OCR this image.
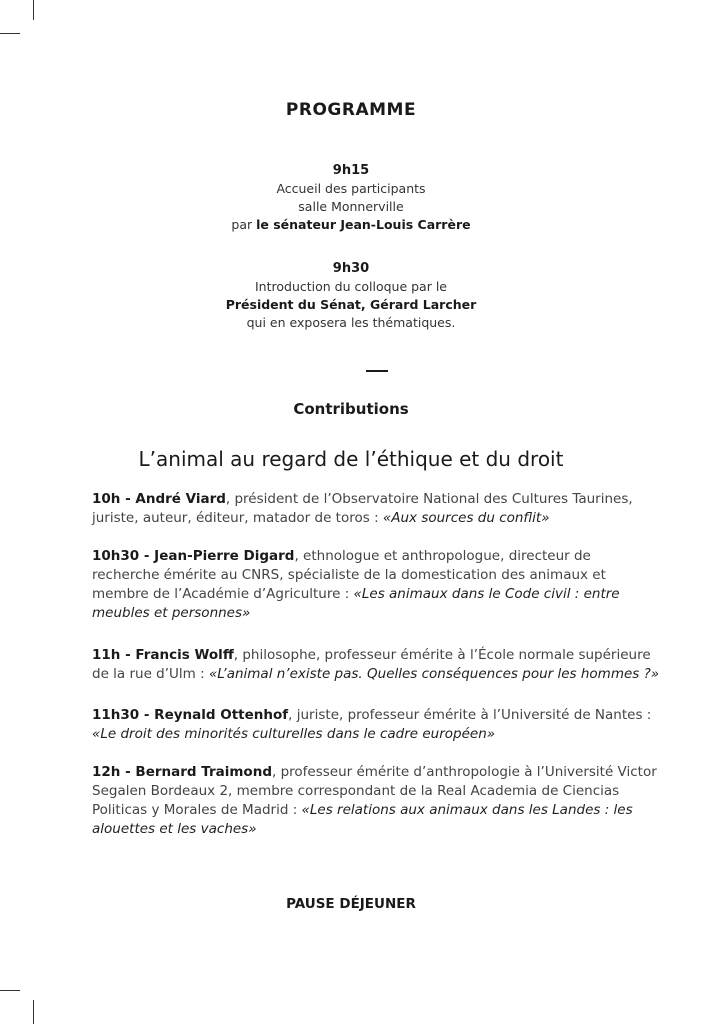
PROGRAMME
9h15
Accueil des participants
salle Monnerville
par le sénateur Jean-Louis Carrère
9h30
Introduction du colloque par le
Président du Sénat, Gérard Larcher
qui en exposera les thématiques.
Contributions
L’animal au regard de l’éthique et du droit
10h - André Viard, président de l’Observatoire National des Cultures Taurines, juriste, auteur, éditeur, matador de toros : «Aux sources du conflit»
10h30 - Jean-Pierre Digard, ethnologue et anthropologue, directeur de recherche émérite au CNRS, spécialiste de la domestication des animaux et membre de l’Académie d’Agriculture : «Les animaux dans le Code civil : entre meubles et personnes»
11h - Francis Wolff, philosophe, professeur émérite à l’École normale supérieure de la rue d’Ulm : «L’animal n’existe pas. Quelles conséquences pour les hommes ?»
11h30 - Reynald Ottenhof, juriste, professeur émérite à l’Université de Nantes : «Le droit des minorités culturelles dans le cadre européen»
12h - Bernard Traimond, professeur émérite d’anthropologie à l’Université Victor Segalen Bordeaux 2, membre correspondant de la Real Academia de Ciencias Politicas y Morales de Madrid : «Les relations aux animaux dans les Landes : les alouettes et les vaches»
PAUSE DÉJEUNER
